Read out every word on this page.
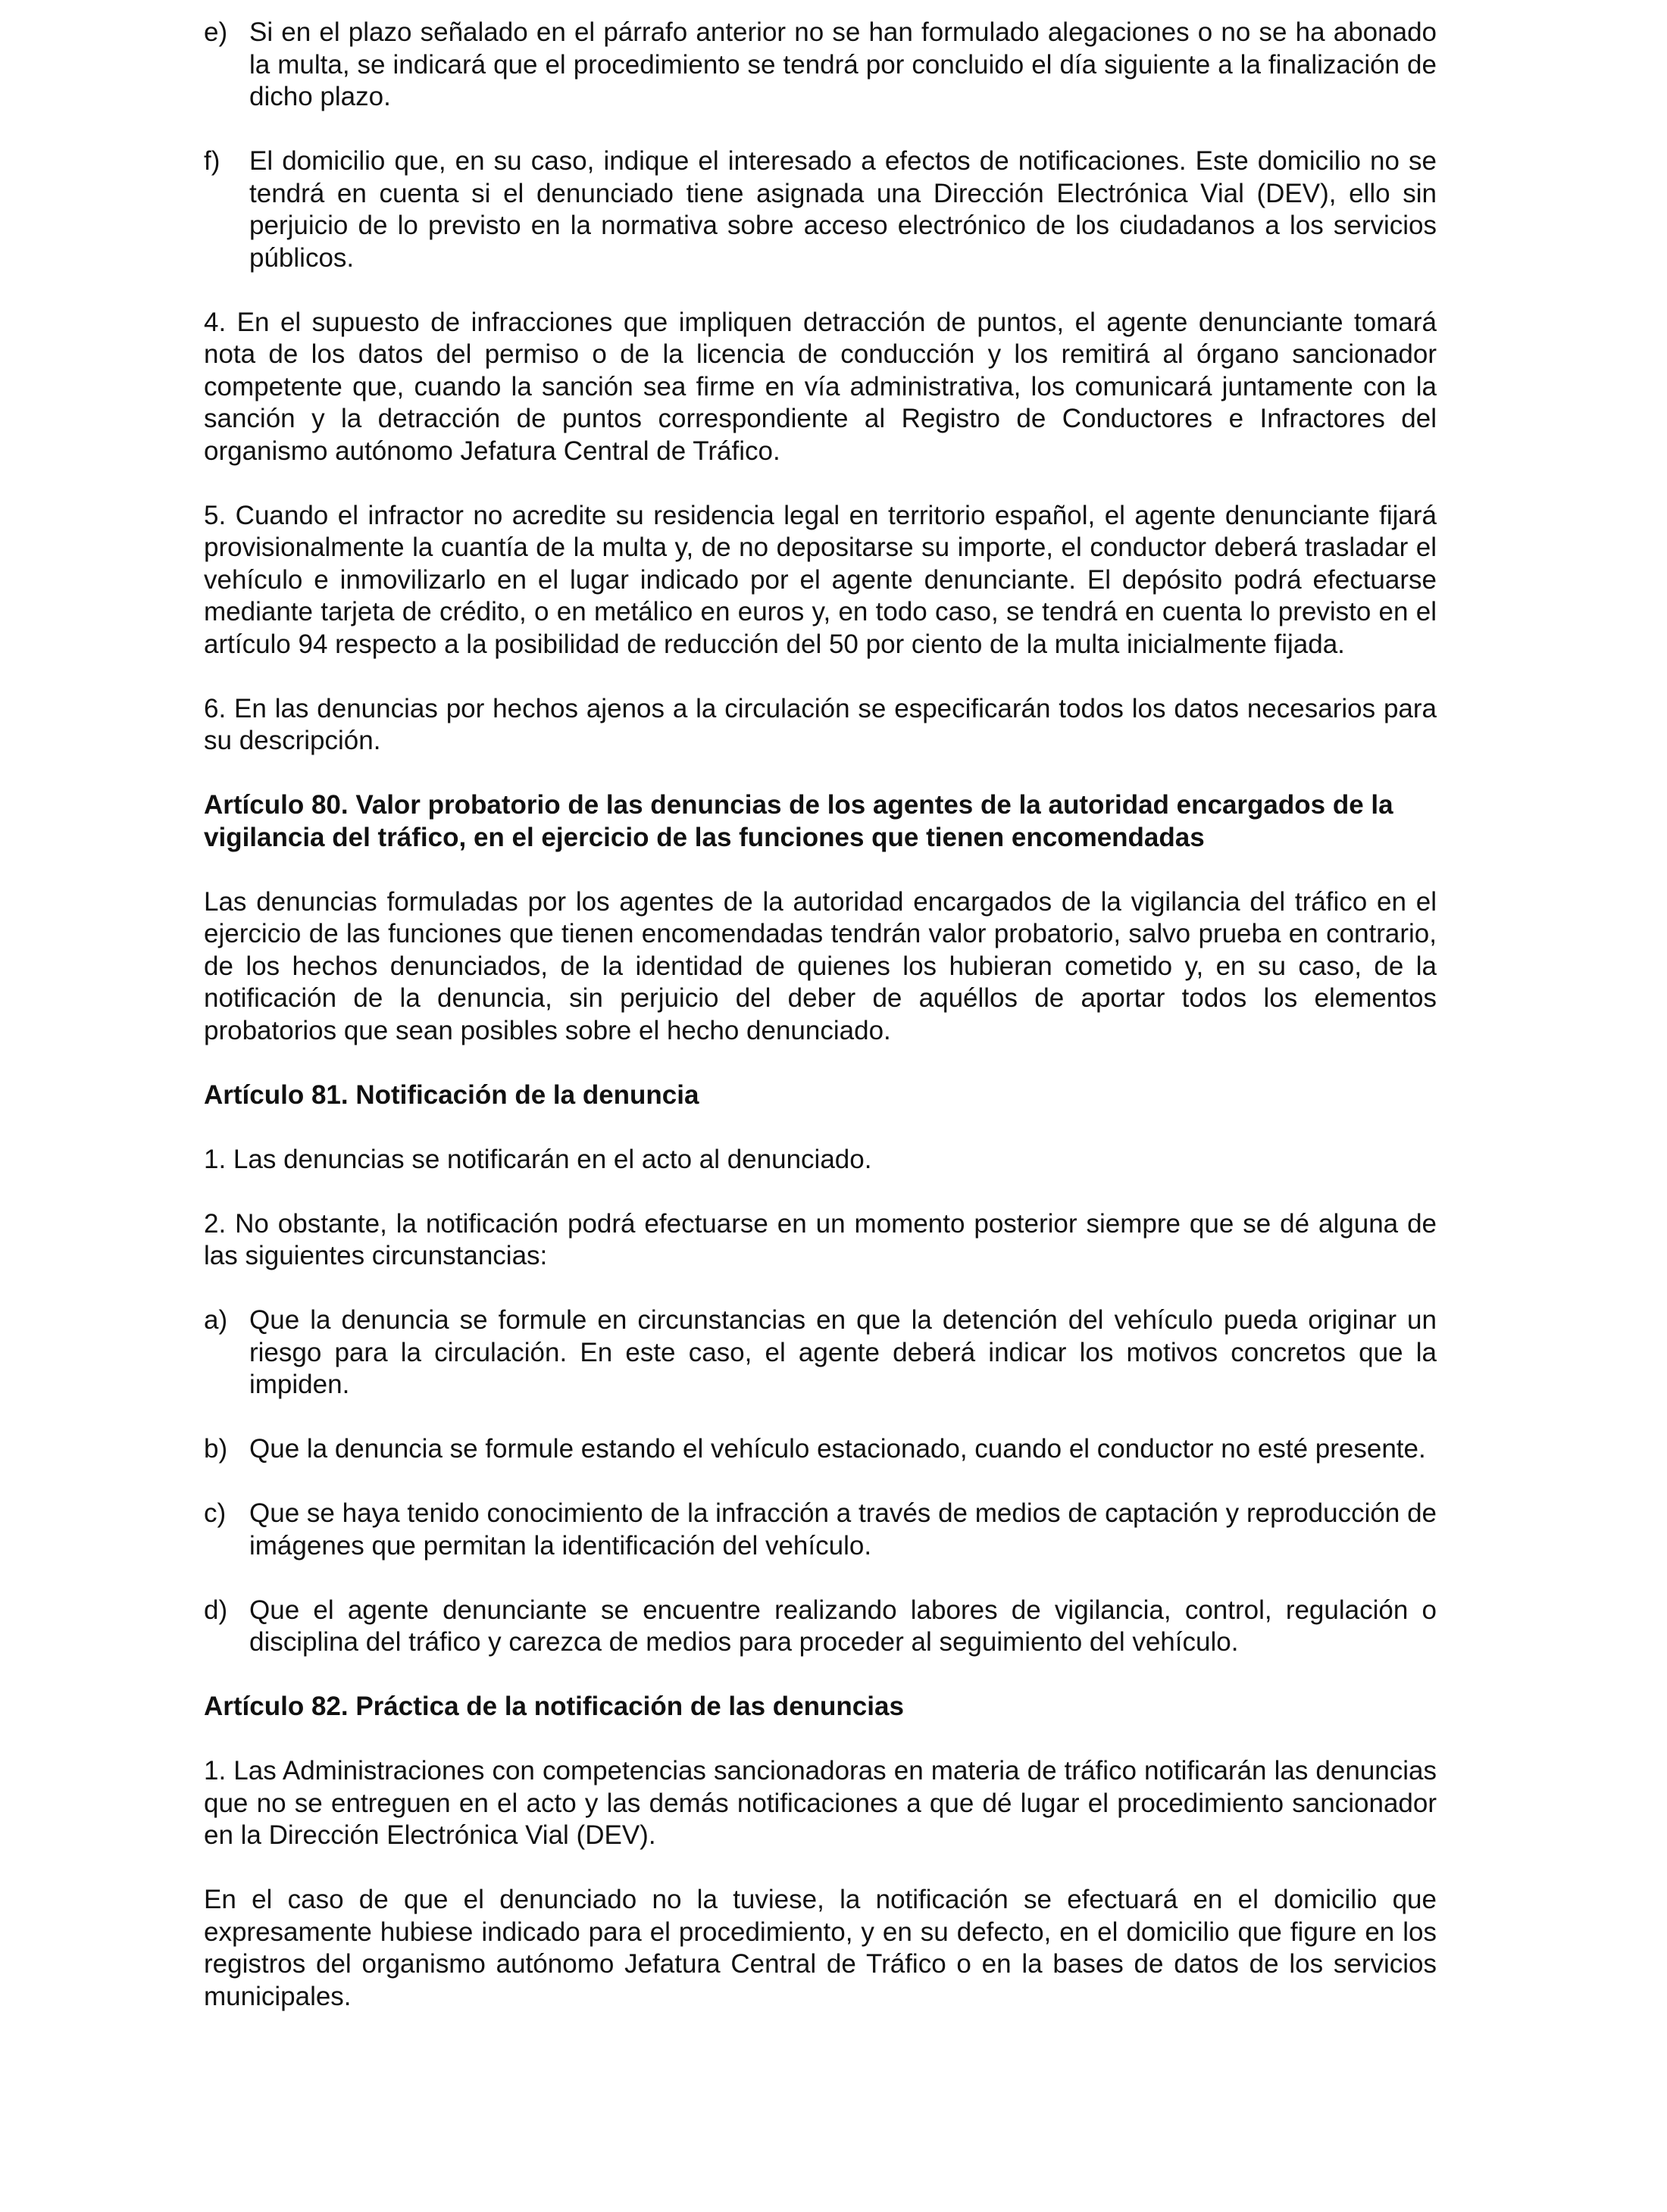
e) Si en el plazo señalado en el párrafo anterior no se han formulado alegaciones o no se ha abonado la multa, se indicará que el procedimiento se tendrá por concluido el día siguiente a la finalización de dicho plazo.
f) El domicilio que, en su caso, indique el interesado a efectos de notificaciones. Este domicilio no se tendrá en cuenta si el denunciado tiene asignada una Dirección Electrónica Vial (DEV), ello sin perjuicio de lo previsto en la normativa sobre acceso electrónico de los ciudadanos a los servicios públicos.

4. En el supuesto de infracciones que impliquen detracción de puntos, el agente denunciante tomará nota de los datos del permiso o de la licencia de conducción y los remitirá al órgano sancionador competente que, cuando la sanción sea firme en vía administrativa, los comunicará juntamente con la sanción y la detracción de puntos correspondiente al Registro de Conductores e Infractores del organismo autónomo Jefatura Central de Tráfico.

5. Cuando el infractor no acredite su residencia legal en territorio español, el agente denunciante fijará provisionalmente la cuantía de la multa y, de no depositarse su importe, el conductor deberá trasladar el vehículo e inmovilizarlo en el lugar indicado por el agente denunciante. El depósito podrá efectuarse mediante tarjeta de crédito, o en metálico en euros y, en todo caso, se tendrá en cuenta lo previsto en el artículo 94 respecto a la posibilidad de reducción del 50 por ciento de la multa inicialmente fijada.

6. En las denuncias por hechos ajenos a la circulación se especificarán todos los datos necesarios para su descripción.

Artículo 80. Valor probatorio de las denuncias de los agentes de la autoridad encargados de la vigilancia del tráfico, en el ejercicio de las funciones que tienen encomendadas

Las denuncias formuladas por los agentes de la autoridad encargados de la vigilancia del tráfico en el ejercicio de las funciones que tienen encomendadas tendrán valor probatorio, salvo prueba en contrario, de los hechos denunciados, de la identidad de quienes los hubieran cometido y, en su caso, de la notificación de la denuncia, sin perjuicio del deber de aquéllos de aportar todos los elementos probatorios que sean posibles sobre el hecho denunciado.

Artículo 81. Notificación de la denuncia

1. Las denuncias se notificarán en el acto al denunciado.

2. No obstante, la notificación podrá efectuarse en un momento posterior siempre que se dé alguna de las siguientes circunstancias:

a) Que la denuncia se formule en circunstancias en que la detención del vehículo pueda originar un riesgo para la circulación. En este caso, el agente deberá indicar los motivos concretos que la impiden.
b) Que la denuncia se formule estando el vehículo estacionado, cuando el conductor no esté presente.
c) Que se haya tenido conocimiento de la infracción a través de medios de captación y reproducción de imágenes que permitan la identificación del vehículo.
d) Que el agente denunciante se encuentre realizando labores de vigilancia, control, regulación o disciplina del tráfico y carezca de medios para proceder al seguimiento del vehículo.

Artículo 82. Práctica de la notificación de las denuncias

1. Las Administraciones con competencias sancionadoras en materia de tráfico notificarán las denuncias que no se entreguen en el acto y las demás notificaciones a que dé lugar el procedimiento sancionador en la Dirección Electrónica Vial (DEV).

En el caso de que el denunciado no la tuviese, la notificación se efectuará en el domicilio que expresamente hubiese indicado para el procedimiento, y en su defecto, en el domicilio que figure en los registros del organismo autónomo Jefatura Central de Tráfico o en la bases de datos de los servicios municipales.
